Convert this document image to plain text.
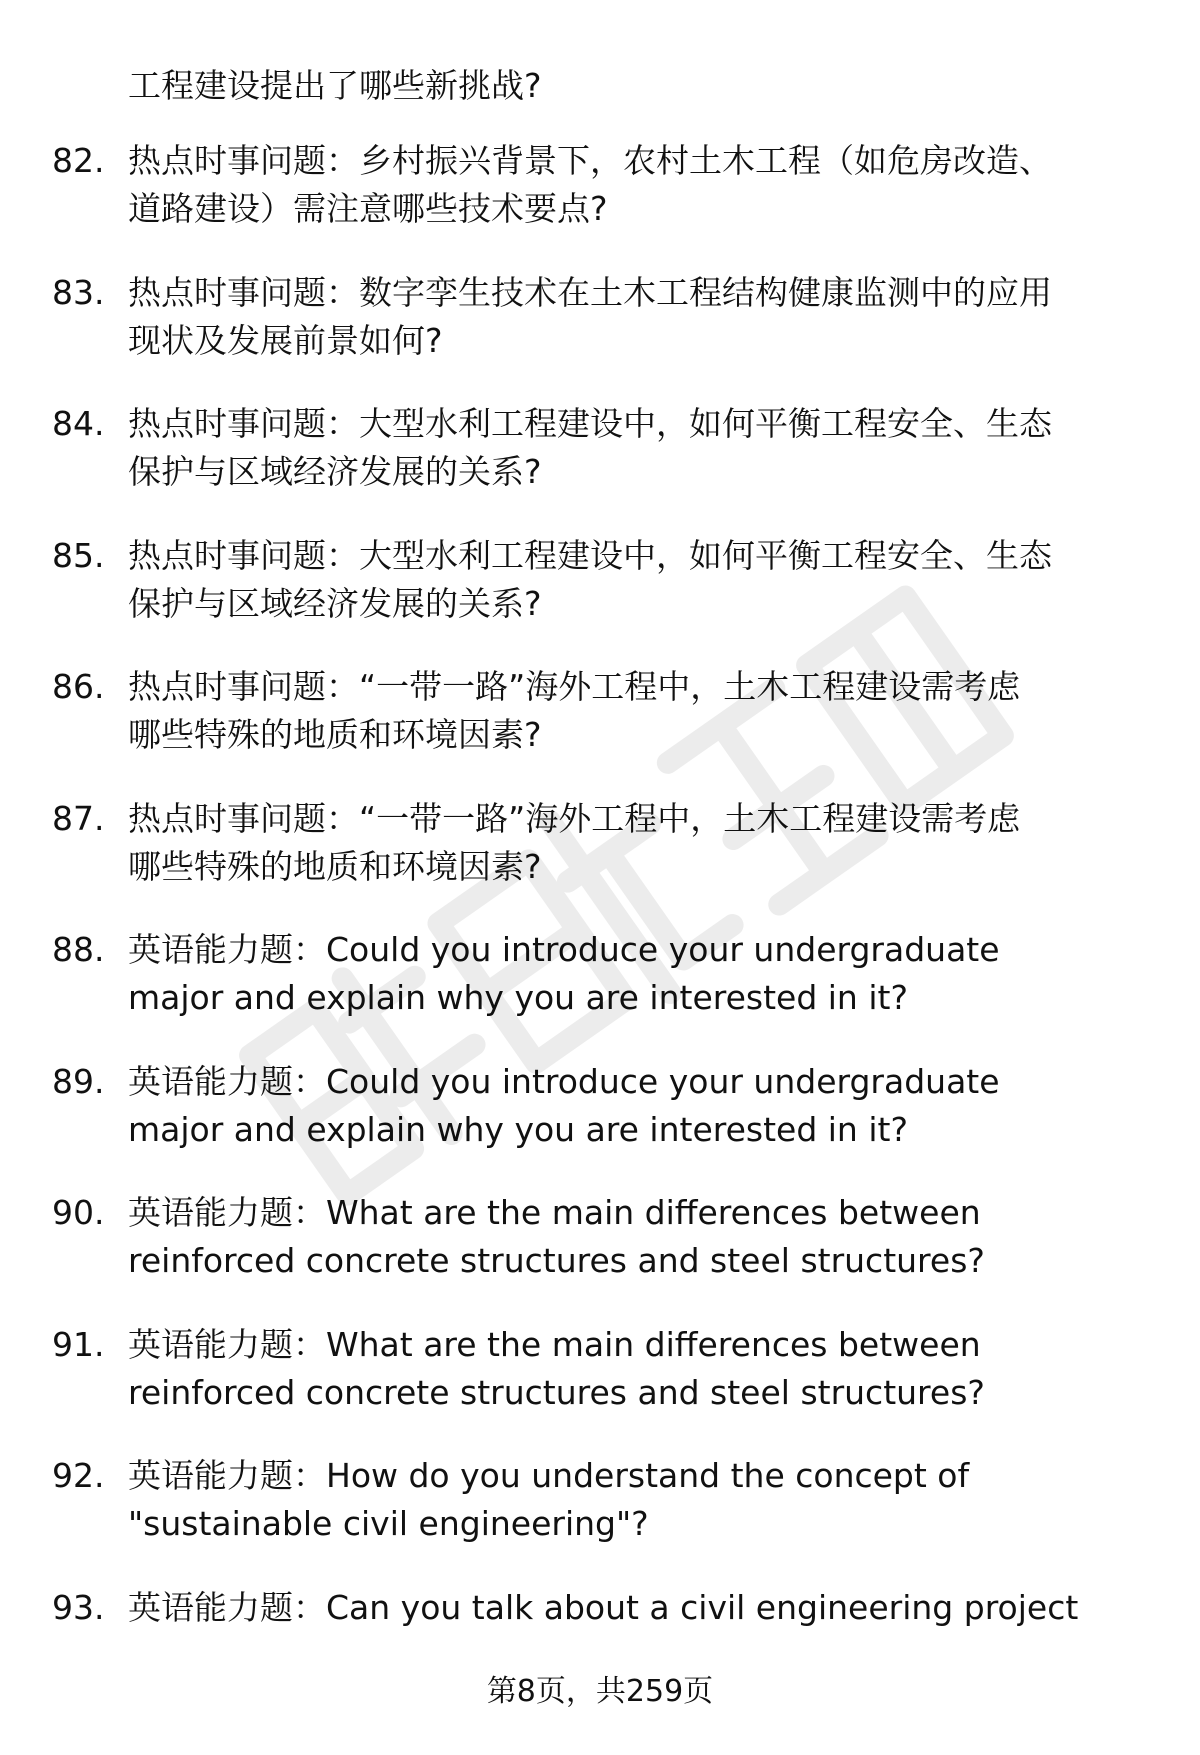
工程建设提出了哪些新挑战?
82. 热点时事问题：乡村振兴背景下，农村土木工程（如危房改造、
道路建设）需注意哪些技术要点?
83. 热点时事问题：数字孪生技术在土木工程结构健康监测中的应用
现状及发展前景如何?
84. 热点时事问题：大型水利工程建设中，如何平衡工程安全、生态
保护与区域经济发展的关系?
85. 热点时事问题：大型水利工程建设中，如何平衡工程安全、生态
保护与区域经济发展的关系?
86. 热点时事问题：“一带一路”海外工程中，土木工程建设需考虑
哪些特殊的地质和环境因素?
87. 热点时事问题：“一带一路”海外工程中，土木工程建设需考虑
哪些特殊的地质和环境因素?
88. 英语能力题：Could you introduce your undergraduate
major and explain why you are interested in it?
89. 英语能力题：Could you introduce your undergraduate
major and explain why you are interested in it?
90. 英语能力题：What are the main differences between
reinforced concrete structures and steel structures?
91. 英语能力题：What are the main differences between
reinforced concrete structures and steel structures?
92. 英语能力题：How do you understand the concept of
"sustainable civil engineering"?
93. 英语能力题：Can you talk about a civil engineering project
第8页，共259页
